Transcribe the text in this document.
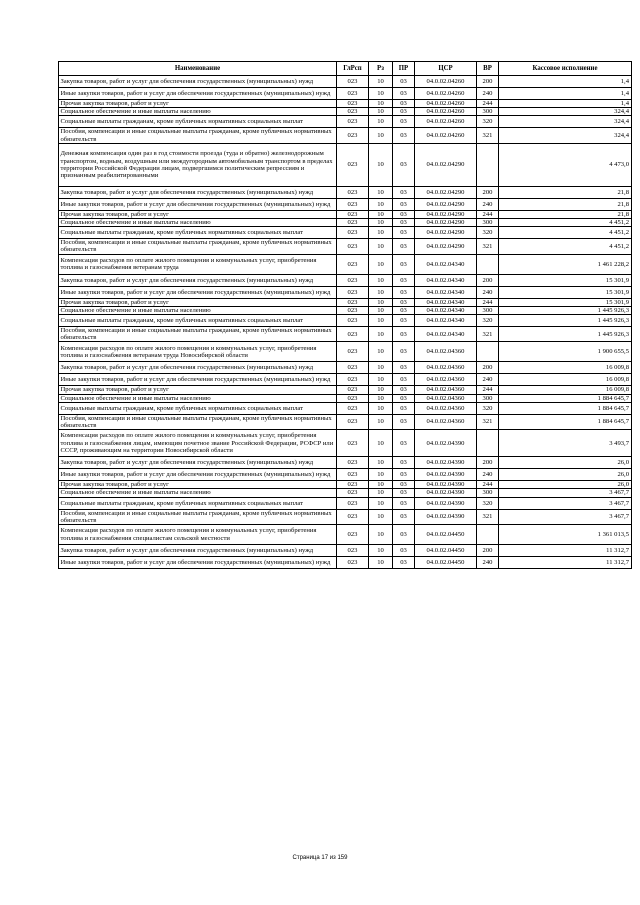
Наименование	ГлРсп	Рз	ПР	ЦСР	ВР	Кассовое исполнение
Закупка товаров, работ и услуг для обеспечения государственных (муниципальных) нужд	023	10	03	04.0.02.04260	200	1,4
Иные закупки товаров, работ и услуг для обеспечения государственных (муниципальных) нужд	023	10	03	04.0.02.04260	240	1,4
Прочая закупка товаров, работ и услуг	023	10	03	04.0.02.04260	244	1,4
Социальное обеспечение и иные выплаты населению	023	10	03	04.0.02.04260	300	324,4
Социальные выплаты гражданам, кроме публичных нормативных социальных выплат	023	10	03	04.0.02.04260	320	324,4
Пособия, компенсации и иные социальные выплаты гражданам, кроме публичных нормативных обязательств	023	10	03	04.0.02.04260	321	324,4
Денежная компенсация один раз в год стоимости проезда (туда и обратно) железнодорожным транспортом, водным, воздушным или междугородным автомобильным транспортом в пределах территории Российской Федерации лицам, подвергшимся политическим репрессиям и признанным реабилитированными	023	10	03	04.0.02.04290		4 473,0
Закупка товаров, работ и услуг для обеспечения государственных (муниципальных) нужд	023	10	03	04.0.02.04290	200	21,8
Иные закупки товаров, работ и услуг для обеспечения государственных (муниципальных) нужд	023	10	03	04.0.02.04290	240	21,8
Прочая закупка товаров, работ и услуг	023	10	03	04.0.02.04290	244	21,8
Социальное обеспечение и иные выплаты населению	023	10	03	04.0.02.04290	300	4 451,2
Социальные выплаты гражданам, кроме публичных нормативных социальных выплат	023	10	03	04.0.02.04290	320	4 451,2
Пособия, компенсации и иные социальные выплаты гражданам, кроме публичных нормативных обязательств	023	10	03	04.0.02.04290	321	4 451,2
Компенсация расходов по оплате жилого помещения и коммунальных услуг, приобретения топлива и газоснабжения ветеранам труда	023	10	03	04.0.02.04340		1 461 228,2
Закупка товаров, работ и услуг для обеспечения государственных (муниципальных) нужд	023	10	03	04.0.02.04340	200	15 301,9
Иные закупки товаров, работ и услуг для обеспечения государственных (муниципальных) нужд	023	10	03	04.0.02.04340	240	15 301,9
Прочая закупка товаров, работ и услуг	023	10	03	04.0.02.04340	244	15 301,9
Социальное обеспечение и иные выплаты населению	023	10	03	04.0.02.04340	300	1 445 926,3
Социальные выплаты гражданам, кроме публичных нормативных социальных выплат	023	10	03	04.0.02.04340	320	1 445 926,3
Пособия, компенсации и иные социальные выплаты гражданам, кроме публичных нормативных обязательств	023	10	03	04.0.02.04340	321	1 445 926,3
Компенсация расходов по оплате жилого помещения и коммунальных услуг, приобретения топлива и газоснабжения ветеранам труда Новосибирской области	023	10	03	04.0.02.04360		1 900 655,5
Закупка товаров, работ и услуг для обеспечения государственных (муниципальных) нужд	023	10	03	04.0.02.04360	200	16 009,8
Иные закупки товаров, работ и услуг для обеспечения государственных (муниципальных) нужд	023	10	03	04.0.02.04360	240	16 009,8
Прочая закупка товаров, работ и услуг	023	10	03	04.0.02.04360	244	16 009,8
Социальное обеспечение и иные выплаты населению	023	10	03	04.0.02.04360	300	1 884 645,7
Социальные выплаты гражданам, кроме публичных нормативных социальных выплат	023	10	03	04.0.02.04360	320	1 884 645,7
Пособия, компенсации и иные социальные выплаты гражданам, кроме публичных нормативных обязательств	023	10	03	04.0.02.04360	321	1 884 645,7
Компенсация расходов по оплате жилого помещения и коммунальных услуг, приобретения топлива и газоснабжения лицам, имеющим почетное звание Российской Федерации, РСФСР или СССР, проживающим на территории Новосибирской области	023	10	03	04.0.02.04390		3 493,7
Закупка товаров, работ и услуг для обеспечения государственных (муниципальных) нужд	023	10	03	04.0.02.04390	200	26,0
Иные закупки товаров, работ и услуг для обеспечения государственных (муниципальных) нужд	023	10	03	04.0.02.04390	240	26,0
Прочая закупка товаров, работ и услуг	023	10	03	04.0.02.04390	244	26,0
Социальное обеспечение и иные выплаты населению	023	10	03	04.0.02.04390	300	3 467,7
Социальные выплаты гражданам, кроме публичных нормативных социальных выплат	023	10	03	04.0.02.04390	320	3 467,7
Пособия, компенсации и иные социальные выплаты гражданам, кроме публичных нормативных обязательств	023	10	03	04.0.02.04390	321	3 467,7
Компенсация расходов по оплате жилого помещения и коммунальных услуг, приобретения топлива и газоснабжения специалистам сельской местности	023	10	03	04.0.02.04450		1 361 013,5
Закупка товаров, работ и услуг для обеспечения государственных (муниципальных) нужд	023	10	03	04.0.02.04450	200	11 312,7
Иные закупки товаров, работ и услуг для обеспечения государственных (муниципальных) нужд	023	10	03	04.0.02.04450	240	11 312,7
Страница 17 из 159
